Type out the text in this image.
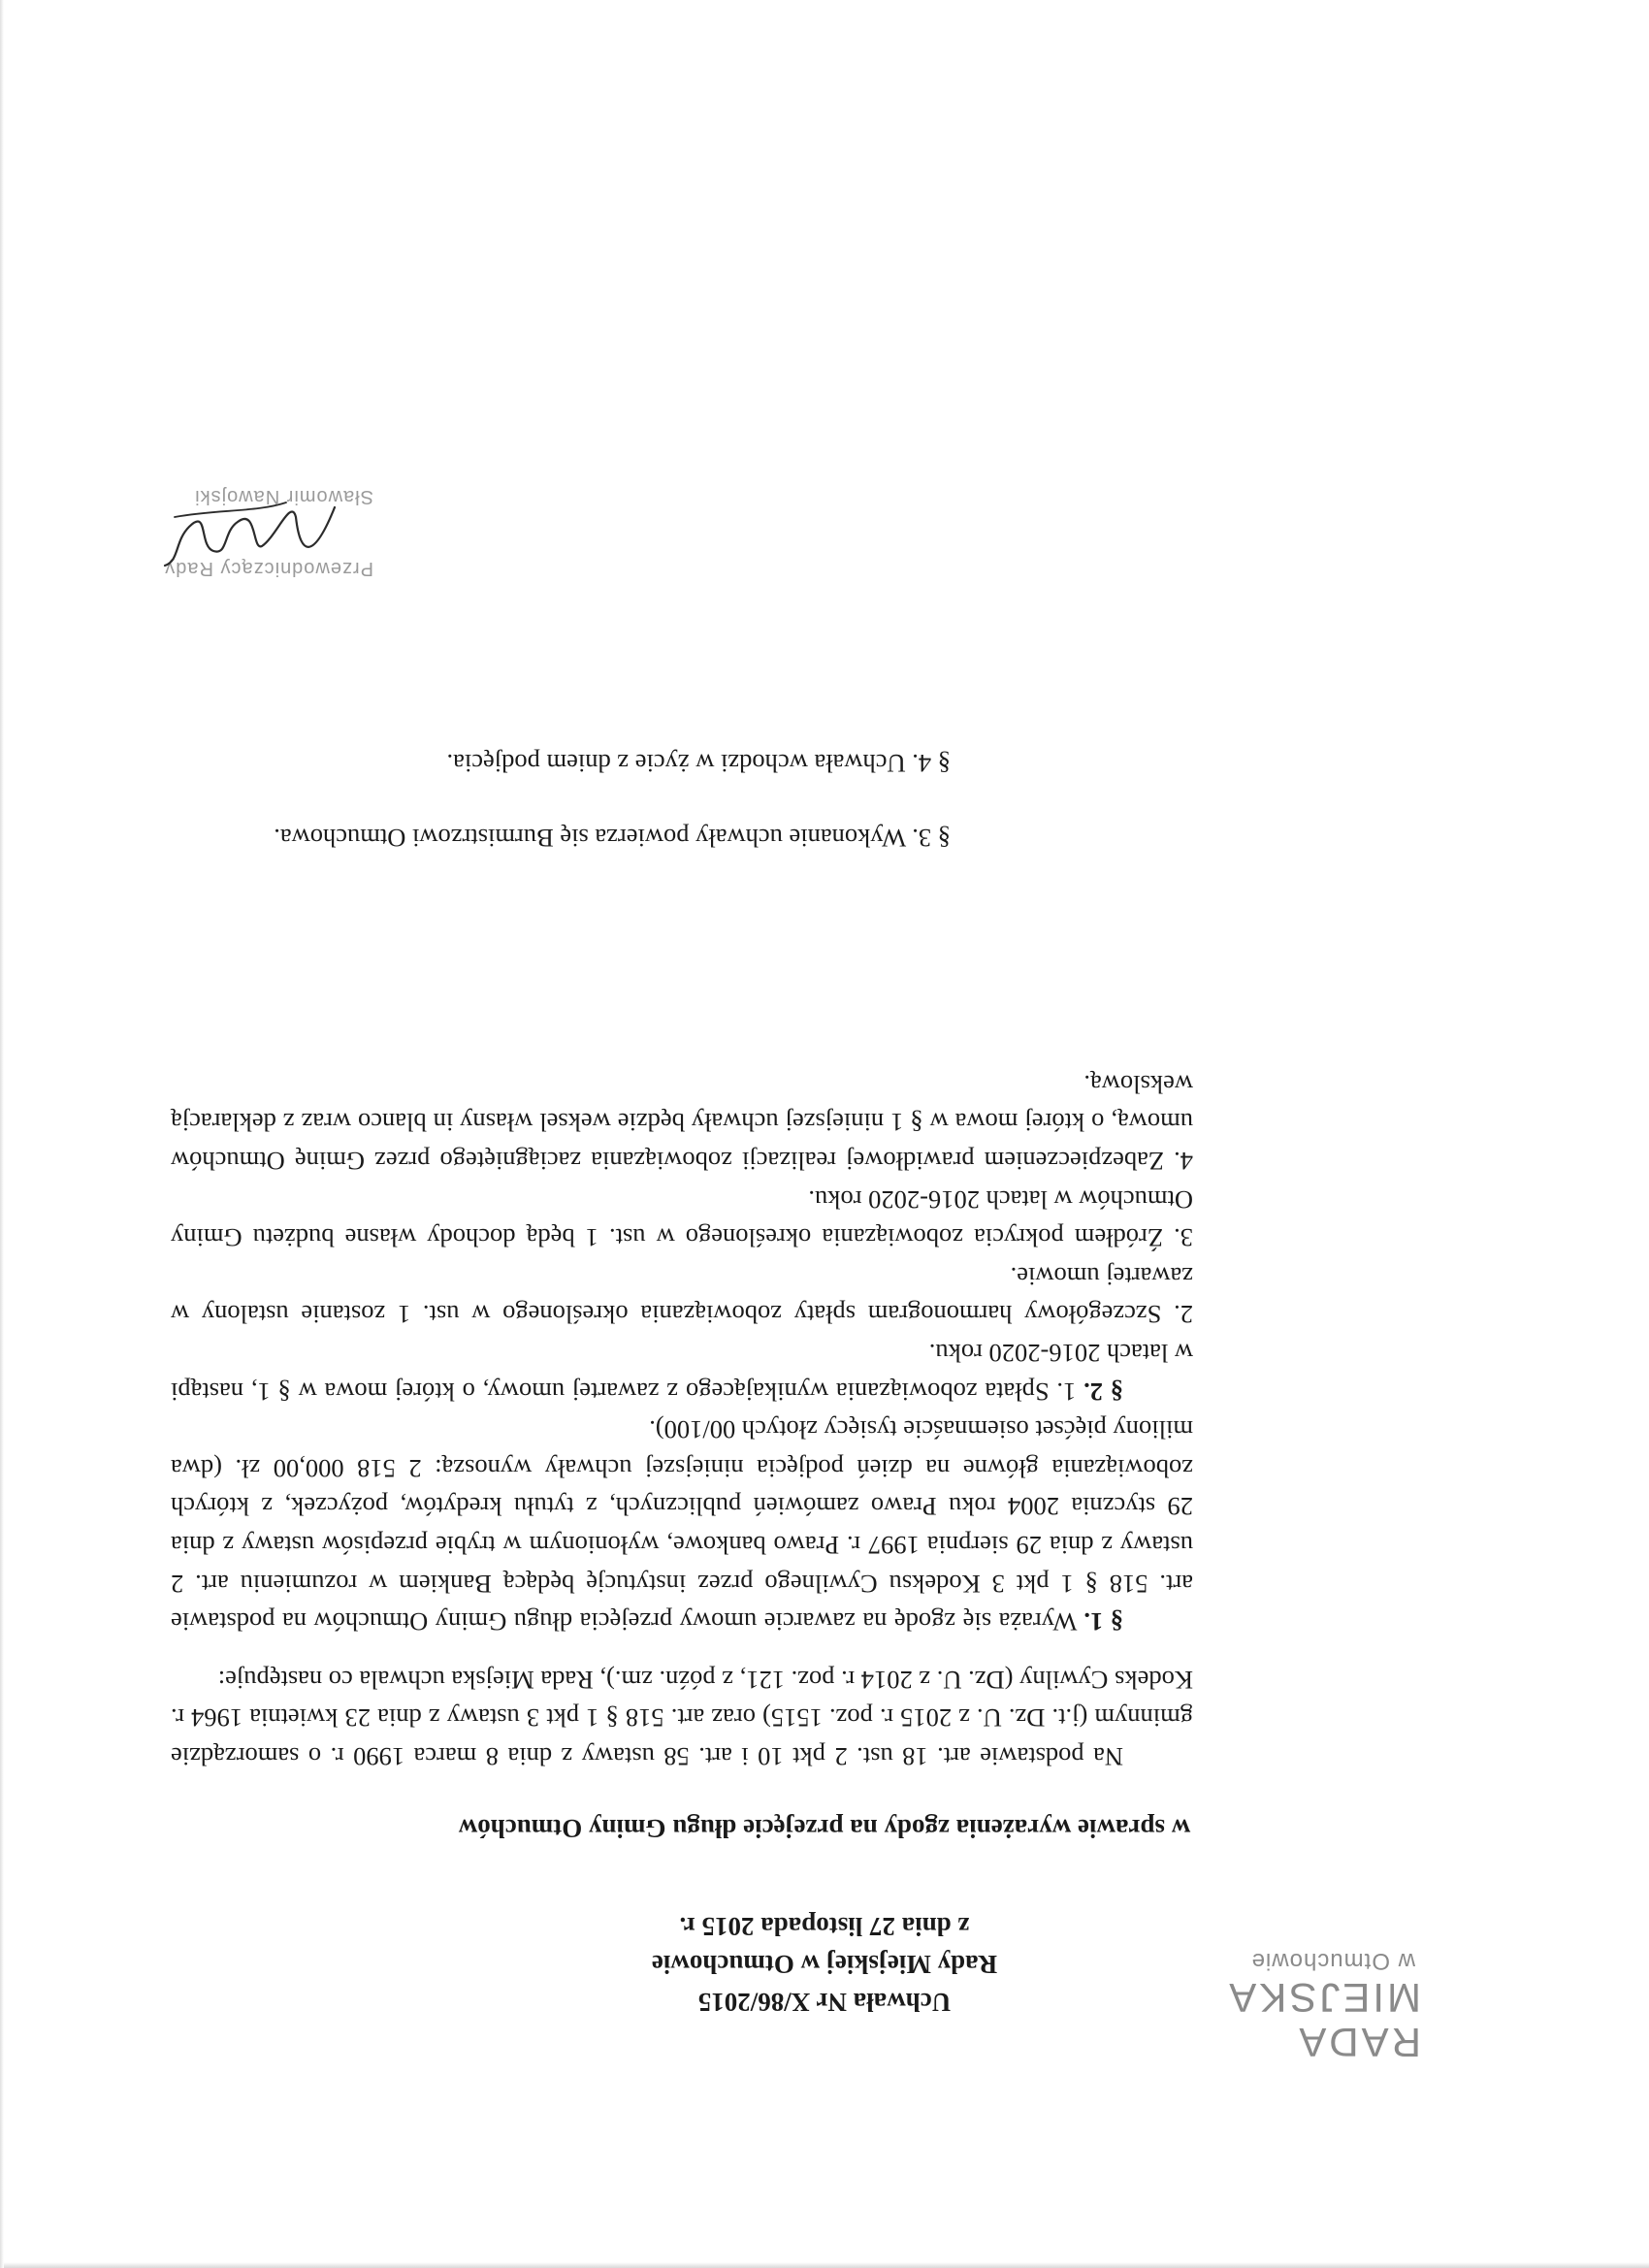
RADA MIEJSKA
w Otmuchowie
Uchwała Nr X/86/2015
Rady Miejskiej w Otmuchowie
z dnia 27 listopada 2015 r.
w sprawie wyrażenia zgody na przejęcie długu Gminy Otmuchów

Na podstawie art. 18 ust. 2 pkt 10 i art. 58 ustawy z dnia 8 marca 1990 r. o samorządzie gminnym (j.t. Dz. U. z 2015 r. poz. 1515) oraz art. 518 § 1 pkt 3 ustawy z dnia 23 kwietnia 1964 r. Kodeks Cywilny (Dz. U. z 2014 r. poz. 121, z późn. zm.), Rada Miejska uchwala co następuje:

§ 1. Wyraża się zgodę na zawarcie umowy przejęcia długu Gminy Otmuchów na podstawie art. 518 § 1 pkt 3 Kodeksu Cywilnego przez instytucję będącą Bankiem w rozumieniu art. 2 ustawy z dnia 29 sierpnia 1997 r. Prawo bankowe, wyłonionym w trybie przepisów ustawy z dnia 29 stycznia 2004 roku Prawo zamówień publicznych, z tytułu kredytów, pożyczek, z których zobowiązania główne na dzień podjęcia niniejszej uchwały wynoszą: 2 518 000,00 zł. (dwa miliony pięćset osiemnaście tysięcy złotych 00/100).

§ 2. 1. Spłata zobowiązania wynikającego z zawartej umowy, o której mowa w § 1, nastąpi w latach 2016-2020 roku.

2. Szczegółowy harmonogram spłaty zobowiązania określonego w ust. 1 zostanie ustalony w zawartej umowie.

3. Źródłem pokrycia zobowiązania określonego w ust. 1 będą dochody własne budżetu Gminy Otmuchów w latach 2016-2020 roku.

4. Zabezpieczeniem prawidłowej realizacji zobowiązania zaciągniętego przez Gminę Otmuchów umową, o której mowa w § 1 niniejszej uchwały będzie weksel własny in blanco wraz z deklaracją wekslową.

§ 3. Wykonanie uchwały powierza się Burmistrzowi Otmuchowa.
§ 4. Uchwała wchodzi w życie z dniem podjęcia.
Przewodniczący Rady
Sławomir Nawojski
